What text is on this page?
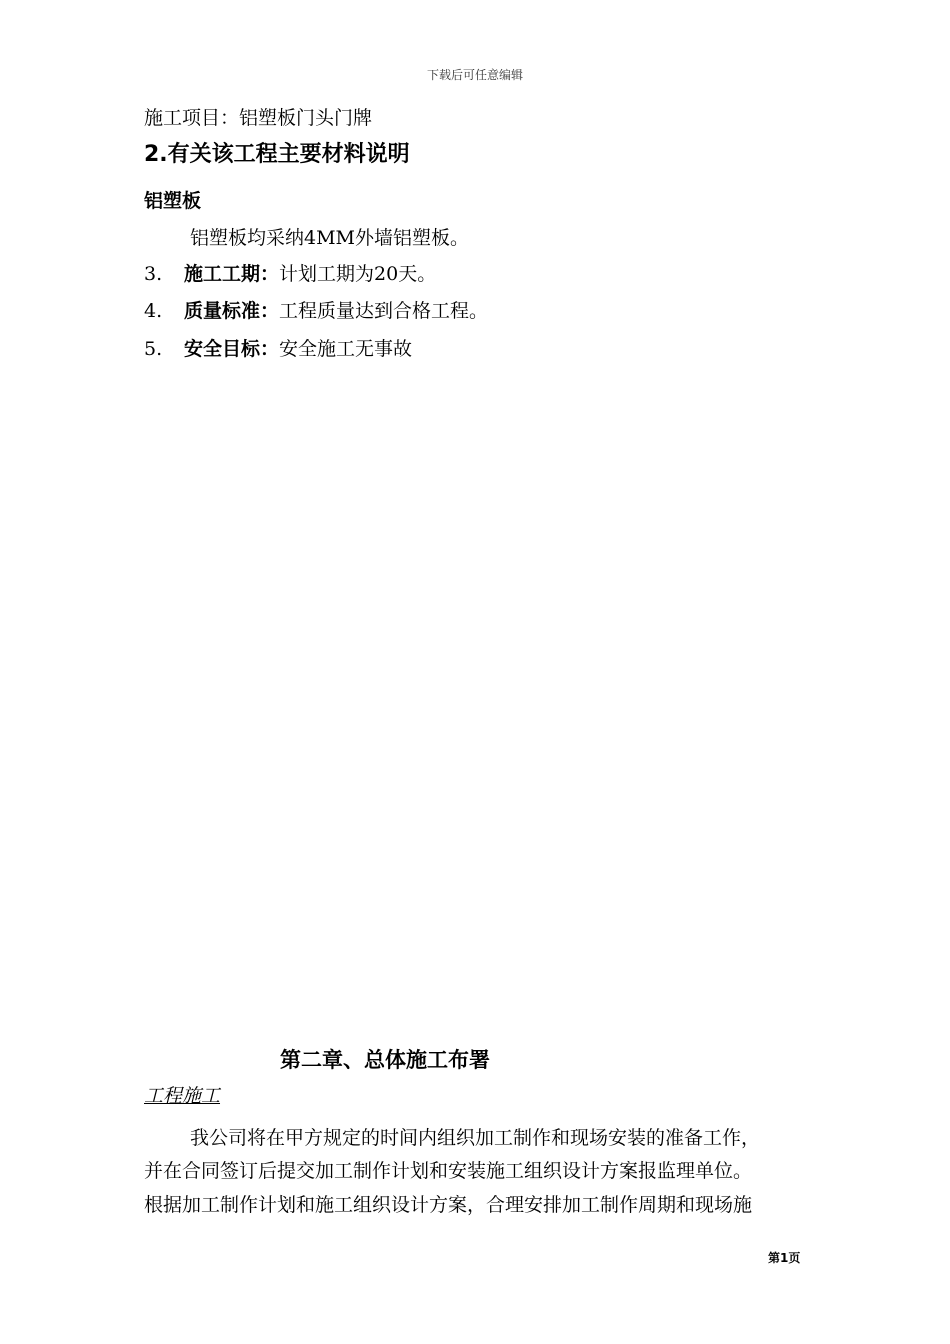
下载后可任意编辑
施工项目：铝塑板门头门牌
2.有关该工程主要材料说明
铝塑板
铝塑板均采纳4MM外墙铝塑板。
3. 施工工期：计划工期为20天。
4. 质量标准：工程质量达到合格工程。
5. 安全目标：安全施工无事故
第二章、总体施工布署
工程施工
我公司将在甲方规定的时间内组织加工制作和现场安装的准备工作，
并在合同签订后提交加工制作计划和安装施工组织设计方案报监理单位。
根据加工制作计划和施工组织设计方案，合理安排加工制作周期和现场施
第1页
